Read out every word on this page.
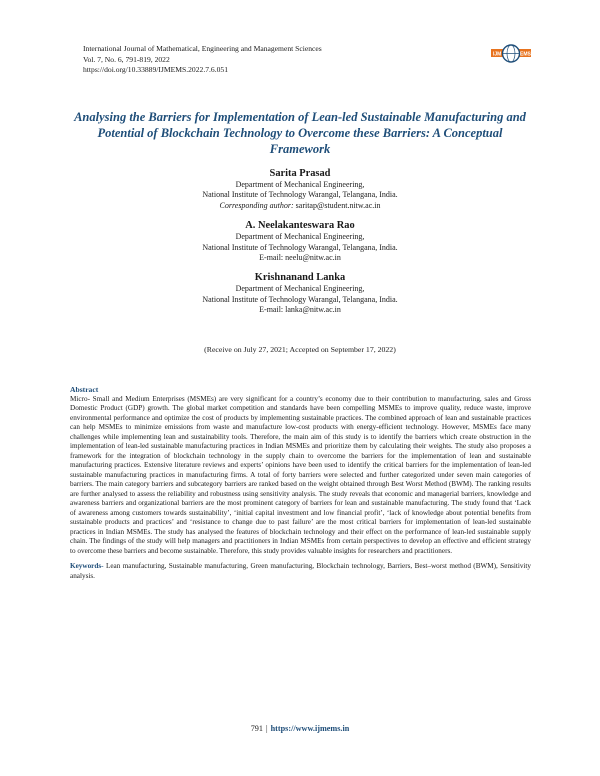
International Journal of Mathematical, Engineering and Management Sciences
Vol. 7, No. 6, 791-819, 2022
https://doi.org/10.33889/IJMEMS.2022.7.6.051
IJM	EMS
Analysing the Barriers for Implementation of Lean-led Sustainable Manufacturing and Potential of Blockchain Technology to Overcome these Barriers: A Conceptual Framework
Sarita Prasad
Department of Mechanical Engineering,
National Institute of Technology Warangal, Telangana, India.
Corresponding author: saritap@student.nitw.ac.in
A. Neelakanteswara Rao
Department of Mechanical Engineering,
National Institute of Technology Warangal, Telangana, India.
E-mail: neelu@nitw.ac.in
Krishnanand Lanka
Department of Mechanical Engineering,
National Institute of Technology Warangal, Telangana, India.
E-mail: lanka@nitw.ac.in
(Receive on July 27, 2021; Accepted on September 17, 2022)
Abstract
Micro- Small and Medium Enterprises (MSMEs) are very significant for a country’s economy due to their contribution to manufacturing, sales and Gross Domestic Product (GDP) growth. The global market competition and standards have been compelling MSMEs to improve quality, reduce waste, improve environmental performance and optimize the cost of products by implementing sustainable practices. The combined approach of lean and sustainable practices can help MSMEs to minimize emissions from waste and manufacture low-cost products with energy-efficient technology. However, MSMEs face many challenges while implementing lean and sustainability tools. Therefore, the main aim of this study is to identify the barriers which create obstruction in the implementation of lean-led sustainable manufacturing practices in Indian MSMEs and prioritize them by calculating their weights. The study also proposes a framework for the integration of blockchain technology in the supply chain to overcome the barriers for the implementation of lean and sustainable manufacturing practices. Extensive literature reviews and experts’ opinions have been used to identify the critical barriers for the implementation of lean-led sustainable manufacturing practices in manufacturing firms. A total of forty barriers were selected and further categorized under seven main categories of barriers. The main category barriers and subcategory barriers are ranked based on the weight obtained through Best Worst Method (BWM). The ranking results are further analysed to assess the reliability and robustness using sensitivity analysis. The study reveals that economic and managerial barriers, knowledge and awareness barriers and organizational barriers are the most prominent category of barriers for lean and sustainable manufacturing. The study found that ‘Lack of awareness among customers towards sustainability’, ‘initial capital investment and low financial profit’, ‘lack of knowledge about potential benefits from sustainable products and practices’ and ‘resistance to change due to past failure’ are the most critical barriers for implementation of lean-led sustainable practices in Indian MSMEs. The study has analysed the features of blockchain technology and their effect on the performance of lean-led sustainable supply chain. The findings of the study will help managers and practitioners in Indian MSMEs from certain perspectives to develop an effective and efficient strategy to overcome these barriers and become sustainable. Therefore, this study provides valuable insights for researchers and practitioners.
Keywords- Lean manufacturing, Sustainable manufacturing, Green manufacturing, Blockchain technology, Barriers, Best–worst method (BWM), Sensitivity analysis.
791 | https://www.ijmems.in
